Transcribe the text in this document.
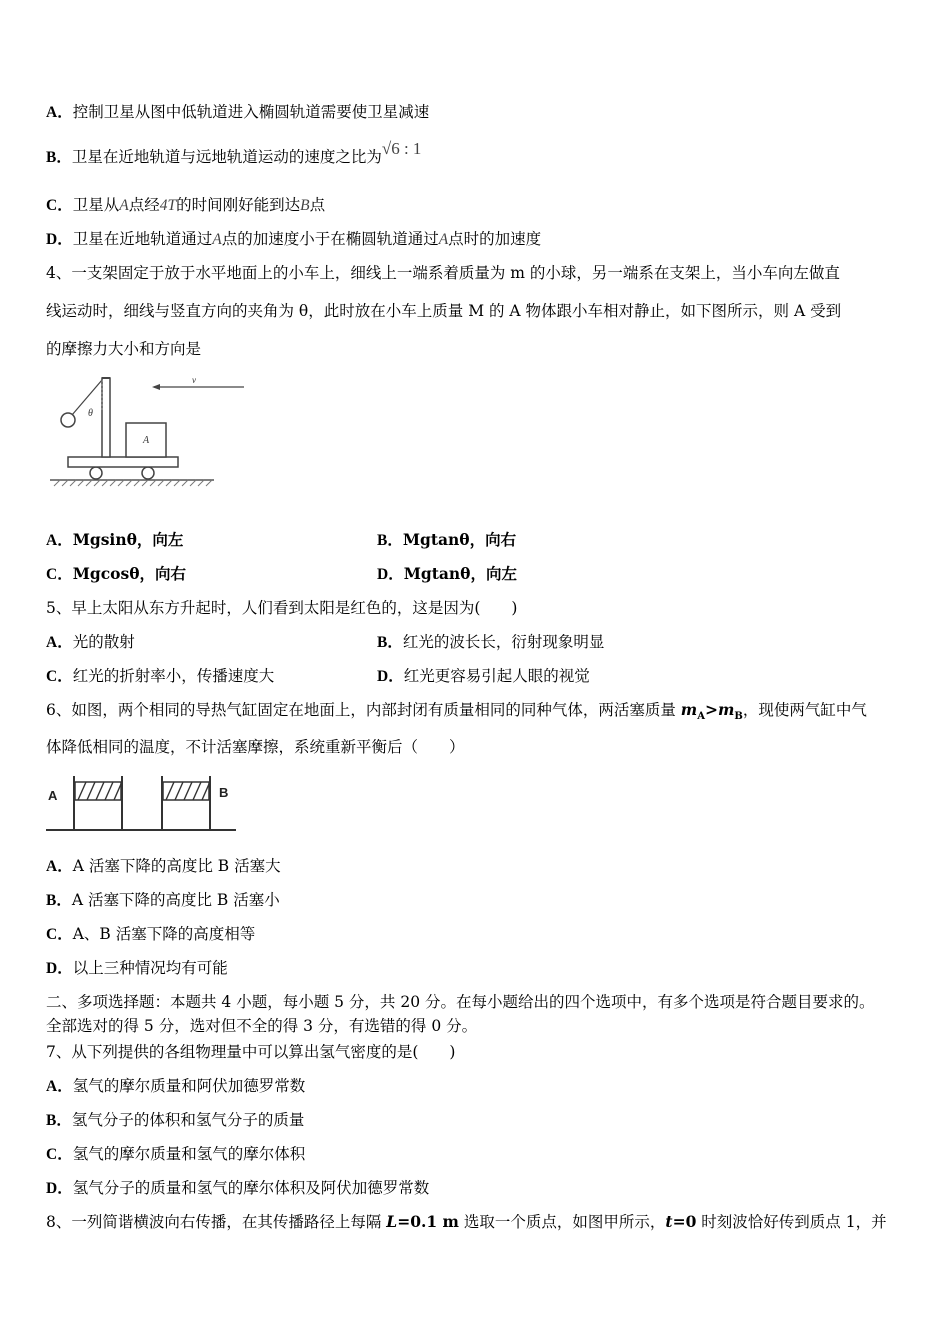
A．控制卫星从图中低轨道进入椭圆轨道需要使卫星减速
B．卫星在近地轨道与远地轨道运动的速度之比为√6 : 1
C．卫星从A点经4T的时间刚好能到达B点
D．卫星在近地轨道通过A点的加速度小于在椭圆轨道通过A点时的加速度
4、一支架固定于放于水平地面上的小车上，细线上一端系着质量为 m 的小球，另一端系在支架上，当小车向左做直
线运动时，细线与竖直方向的夹角为 θ，此时放在小车上质量 M 的 A 物体跟小车相对静止，如下图所示，则 A 受到
的摩擦力大小和方向是
θ
A
v
A．Mgsinθ，向左	B．Mgtanθ，向右
C．Mgcosθ，向右	D．Mgtanθ，向左
5、早上太阳从东方升起时，人们看到太阳是红色的，这是因为(　　)
A．光的散射	B．红光的波长长，衍射现象明显
C．红光的折射率小，传播速度大	D．红光更容易引起人眼的视觉
6、如图，两个相同的导热气缸固定在地面上，内部封闭有质量相同的同种气体，两活塞质量 $m_A>m_B$，现使两气缸中气
体降低相同的温度，不计活塞摩擦，系统重新平衡后（　　）
A	B
A．A 活塞下降的高度比 B 活塞大
B．A 活塞下降的高度比 B 活塞小
C．A、B 活塞下降的高度相等
D．以上三种情况均有可能
二、多项选择题：本题共 4 小题，每小题 5 分，共 20 分。在每小题给出的四个选项中，有多个选项是符合题目要求的。
全部选对的得 5 分，选对但不全的得 3 分，有选错的得 0 分。
7、从下列提供的各组物理量中可以算出氢气密度的是(　　)
A．氢气的摩尔质量和阿伏加德罗常数
B．氢气分子的体积和氢气分子的质量
C．氢气的摩尔质量和氢气的摩尔体积
D．氢气分子的质量和氢气的摩尔体积及阿伏加德罗常数
8、一列简谐横波向右传播，在其传播路径上每隔 L=0.1 m 选取一个质点，如图甲所示，t=0 时刻波恰好传到质点 1，并
